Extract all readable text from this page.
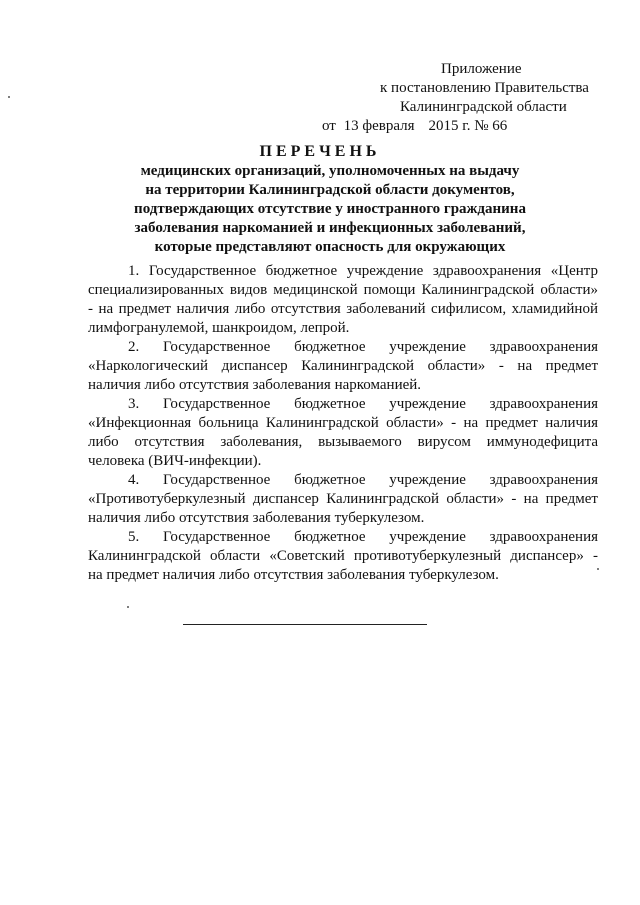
Приложение
к постановлению Правительства
Калининградской области
от 13 февраля 2015 г. № 66
ПЕРЕЧЕНЬ
медицинских организаций, уполномоченных на выдачу
на территории Калининградской области документов,
подтверждающих отсутствие у иностранного гражданина
заболевания наркоманией и инфекционных заболеваний,
которые представляют опасность для окружающих

1. Государственное бюджетное учреждение здравоохранения «Центр
специализированных видов медицинской помощи Калининградской области»
- на предмет наличия либо отсутствия заболеваний сифилисом, хламидийной
лимфогранулемой, шанкроидом, лепрой.

2. Государственное бюджетное учреждение здравоохранения
«Наркологический диспансер Калининградской области» - на предмет
наличия либо отсутствия заболевания наркоманией.

3. Государственное бюджетное учреждение здравоохранения
«Инфекционная больница Калининградской области» - на предмет наличия
либо отсутствия заболевания, вызываемого вирусом иммунодефицита
человека (ВИЧ-инфекции).

4. Государственное бюджетное учреждение здравоохранения
«Противотуберкулезный диспансер Калининградской области» - на предмет
наличия либо отсутствия заболевания туберкулезом.

5. Государственное бюджетное учреждение здравоохранения
Калининградской области «Советский противотуберкулезный диспансер» -
на предмет наличия либо отсутствия заболевания туберкулезом.
